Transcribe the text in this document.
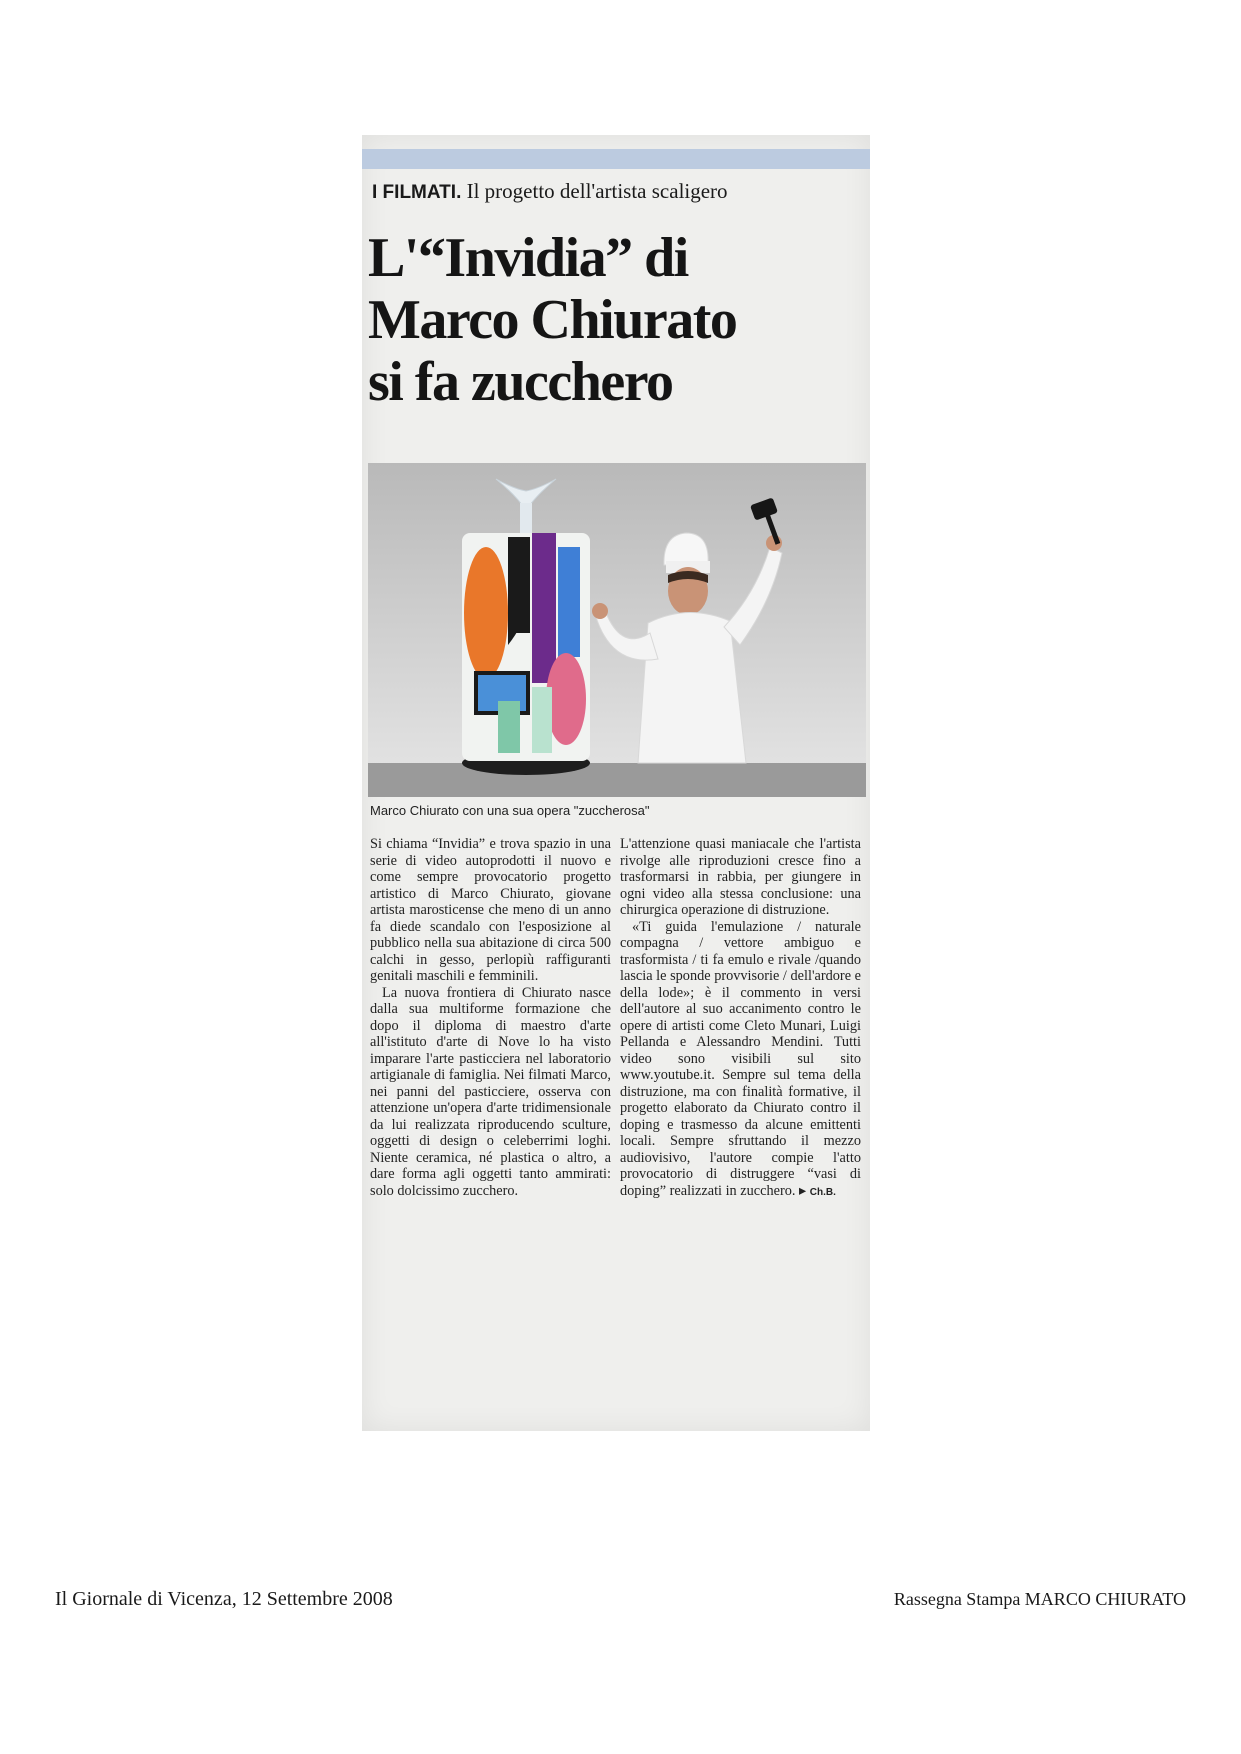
I FILMATI. Il progetto dell'artista scaligero
L'“Invidia” di
Marco Chiurato
si fa zucchero
Marco Chiurato con una sua opera "zuccherosa"

Si chiama “Invidia” e trova spazio in una serie di video autoprodotti il nuovo e come sempre provocatorio progetto artistico di Marco Chiurato, giovane artista marosticense che meno di un anno fa diede scandalo con l'esposizione al pubblico nella sua abitazione di circa 500 calchi in gesso, perlopiù raffiguranti genitali maschili e femminili.

La nuova frontiera di Chiurato nasce dalla sua multiforme formazione che dopo il diploma di maestro d'arte all'istituto d'arte di Nove lo ha visto imparare l'arte pasticciera nel laboratorio artigianale di famiglia. Nei filmati Marco, nei panni del pasticciere, osserva con attenzione un'opera d'arte tridimensionale da lui realizzata riproducendo sculture, oggetti di design o celeberrimi loghi. Niente ceramica, né plastica o altro, a dare forma agli oggetti tanto ammirati: solo dolcissimo zucchero.

L'attenzione quasi maniacale che l'artista rivolge alle riproduzioni cresce fino a trasformarsi in rabbia, per giungere in ogni video alla stessa conclusione: una chirurgica operazione di distruzione.

«Ti guida l'emulazione / naturale compagna / vettore ambiguo e trasformista / ti fa emulo e rivale /quando lascia le sponde provvisorie / dell'ardore e della lode»; è il commento in versi dell'autore al suo accanimento contro le opere di artisti come Cleto Munari, Luigi Pellanda e Alessandro Mendini. Tutti video sono visibili sul sito www.youtube.it. Sempre sul tema della distruzione, ma con finalità formative, il progetto elaborato da Chiurato contro il doping e trasmesso da alcune emittenti locali. Sempre sfruttando il mezzo audiovisivo, l'autore compie l'atto provocatorio di distruggere “vasi di doping” realizzati in zucchero. ▸ Ch.B.

Il Giornale di Vicenza, 12 Settembre 2008	Rassegna Stampa MARCO CHIURATO
